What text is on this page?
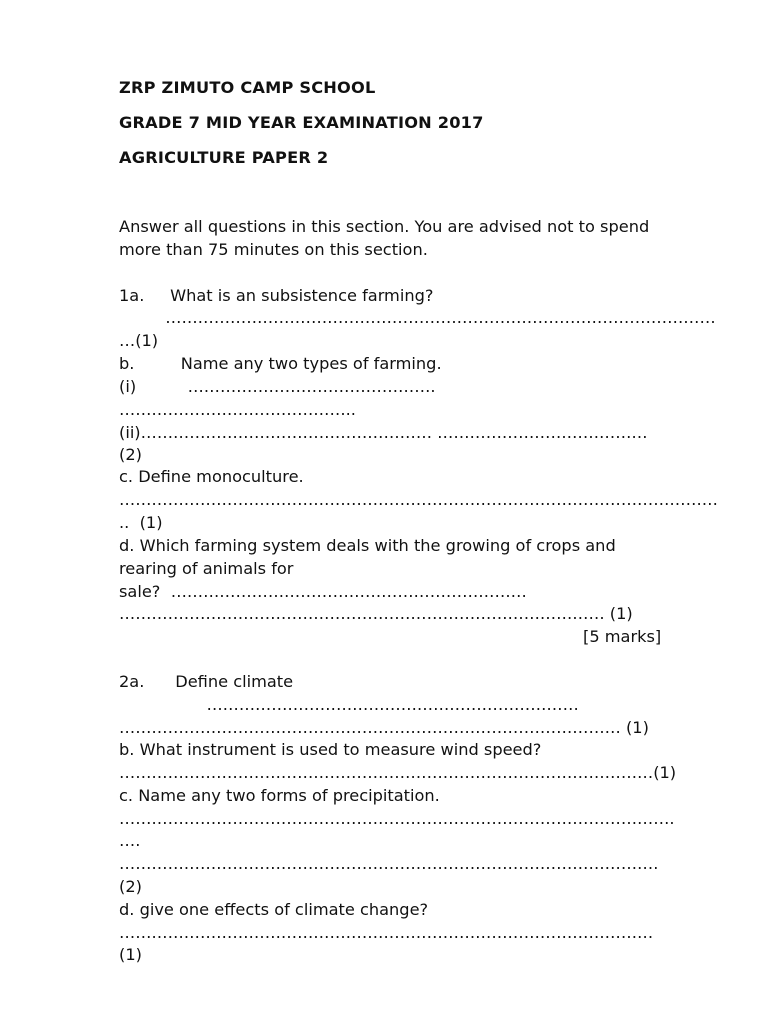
ZRP ZIMUTO CAMP SCHOOL

GRADE 7 MID YEAR EXAMINATION 2017

AGRICULTURE PAPER 2

Answer all questions in this section. You are advised not to spend

more than 75 minutes on this section.

1a.     What is an subsistence farming?

…………………………………………………………………………………………

…(1)

b.         Name any two types of farming.

(i)          ……………………………………….

……………………………………..

(ii)……………………………………………… …………………………………

(2)

c. Define monoculture.

…………………………………………………………………………………………………

..  (1)

d. Which farming system deals with the growing of crops and

rearing of animals for

sale?  …………………………………………………………

……………………………………………………………………………… (1)

[5 marks]

2a.      Define climate

……………………………………………………………

………………………………………………………………………………… (1)

b. What instrument is used to measure wind speed?

………………………………………………………………………………………(1)

c. Name any two forms of precipitation.

………………………………………………………………………………………….

….

……………………………………………………………………………………….

(2)

d. give one effects of climate change?

………………………………………………………………………………………

(1)
